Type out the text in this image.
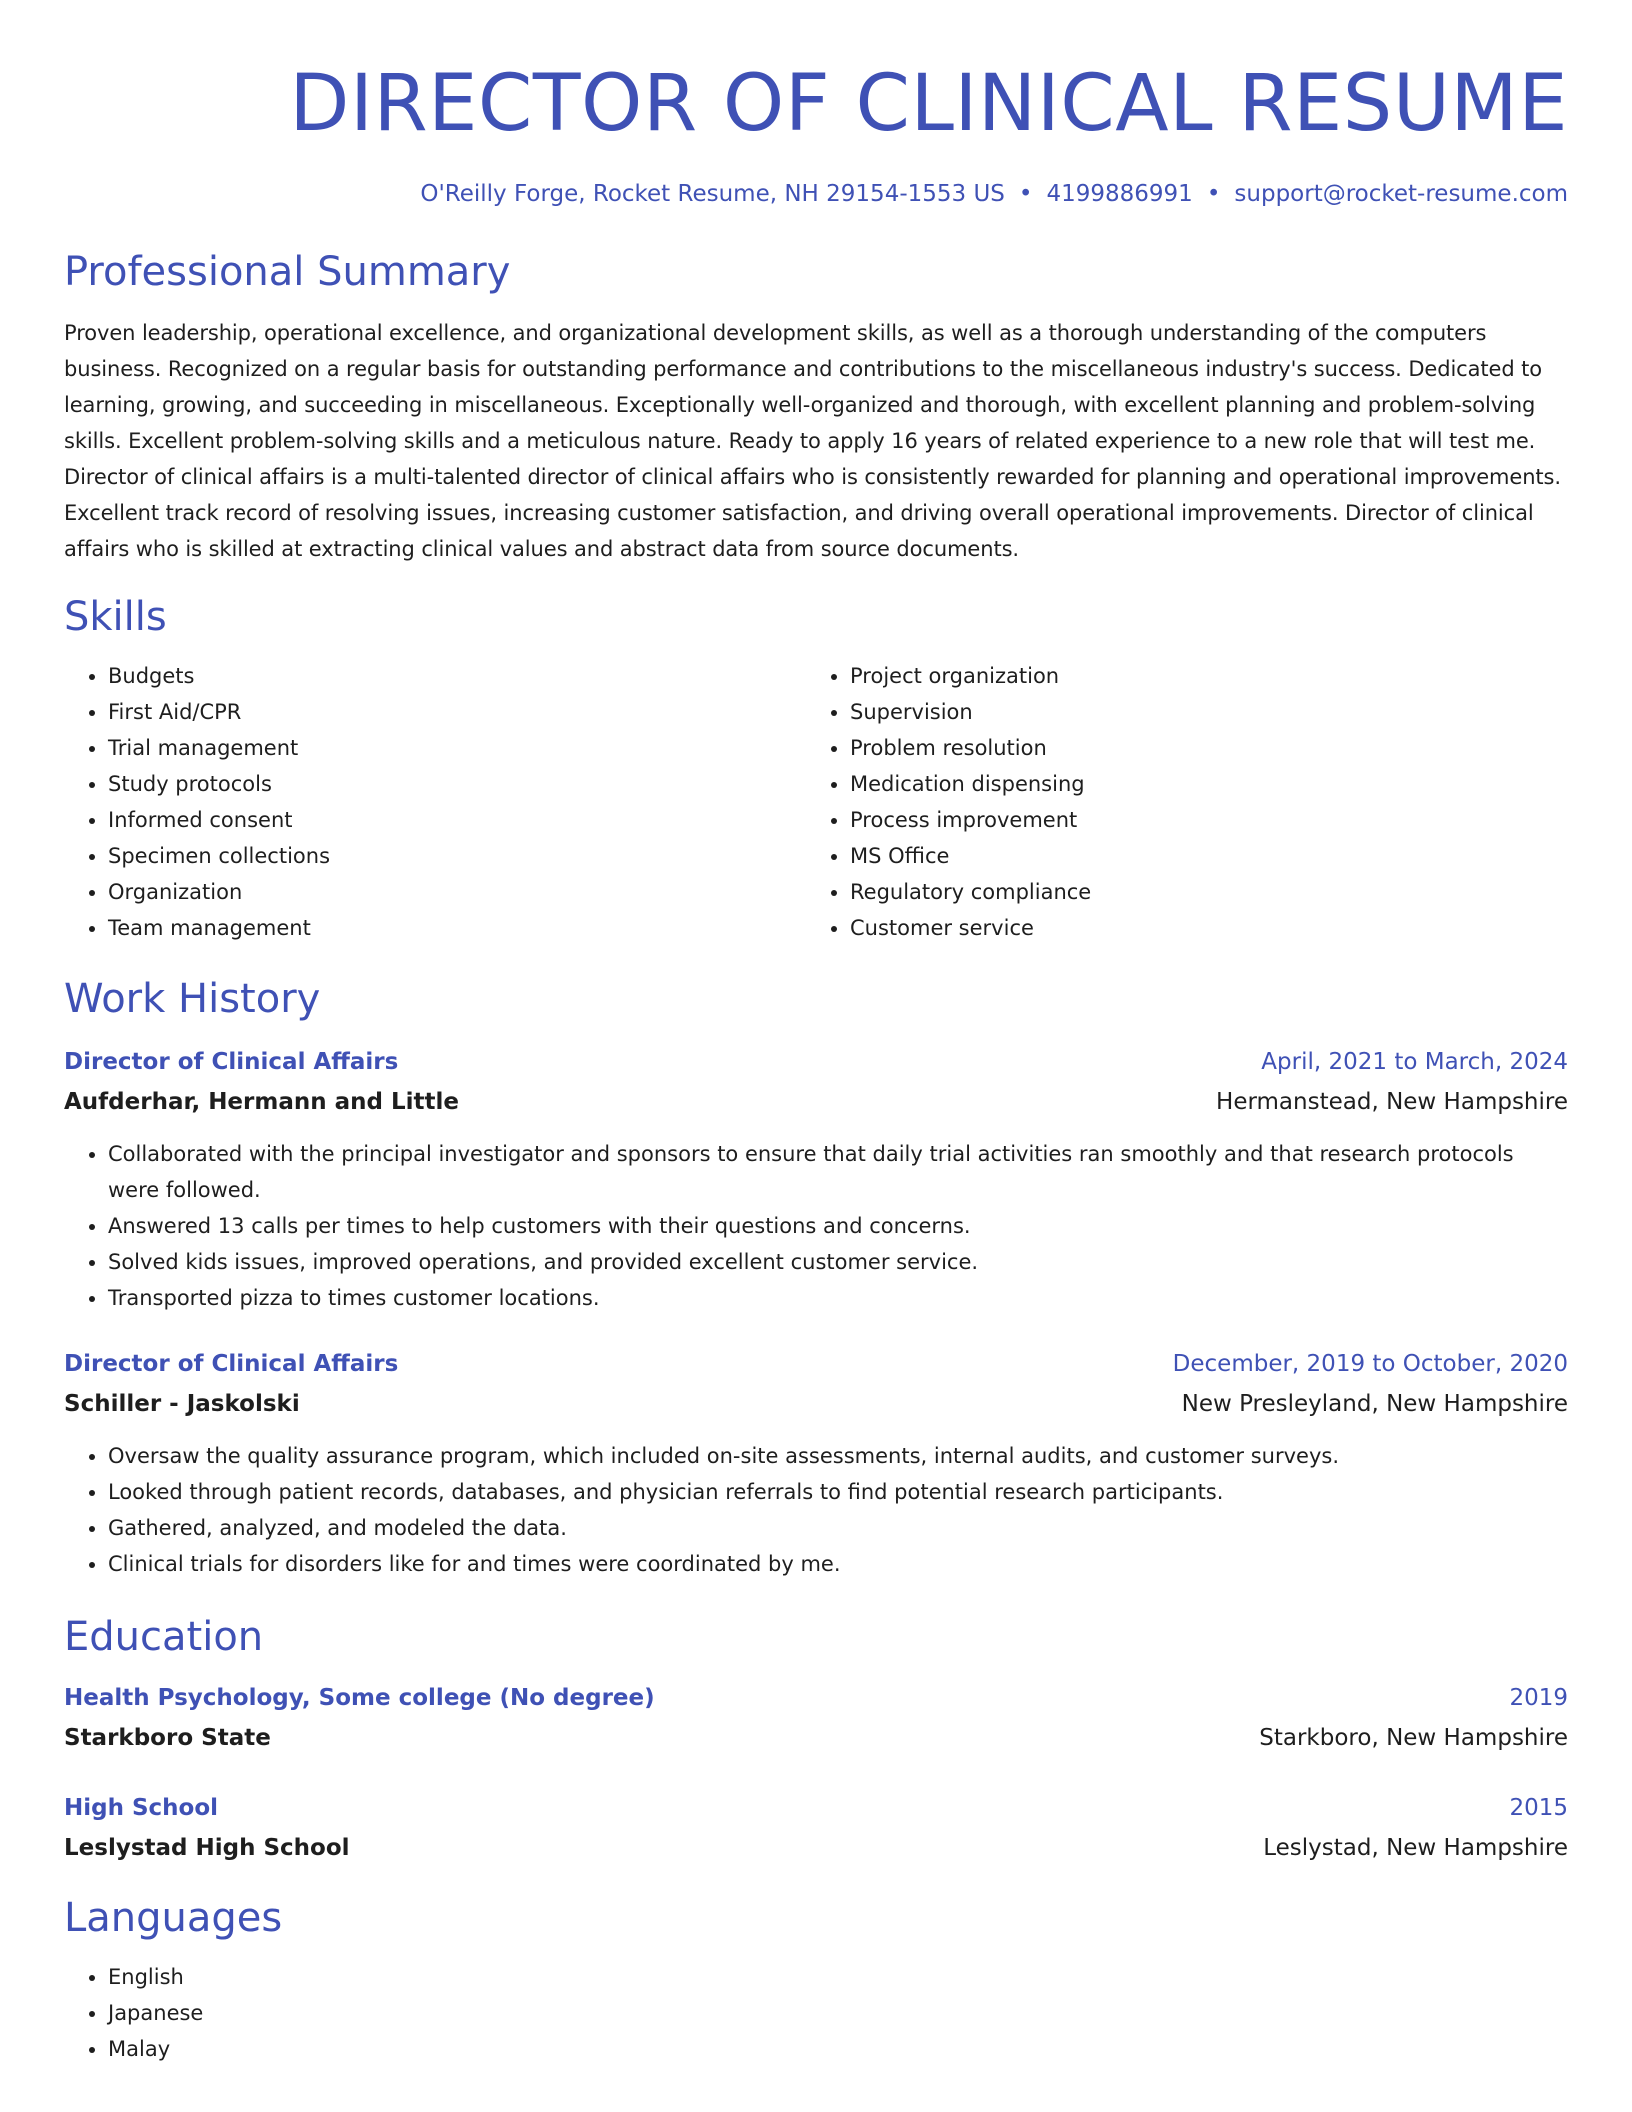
DIRECTOR OF CLINICAL RESUME
O'Reilly Forge, Rocket Resume, NH 29154-1553 US • 4199886991 • support@rocket-resume.com
Professional Summary
Proven leadership, operational excellence, and organizational development skills, as well as a thorough understanding of the computers business. Recognized on a regular basis for outstanding performance and contributions to the miscellaneous industry's success. Dedicated to learning, growing, and succeeding in miscellaneous. Exceptionally well-organized and thorough, with excellent planning and problem-solving skills. Excellent problem-solving skills and a meticulous nature. Ready to apply 16 years of related experience to a new role that will test me. Director of clinical affairs is a multi-talented director of clinical affairs who is consistently rewarded for planning and operational improvements. Excellent track record of resolving issues, increasing customer satisfaction, and driving overall operational improvements. Director of clinical affairs who is skilled at extracting clinical values and abstract data from source documents.
Skills
• Budgets
• First Aid/CPR
• Trial management
• Study protocols
• Informed consent
• Specimen collections
• Organization
• Team management
• Project organization
• Supervision
• Problem resolution
• Medication dispensing
• Process improvement
• MS Office
• Regulatory compliance
• Customer service
Work History
Director of Clinical Affairs	April, 2021 to March, 2024
Aufderhar, Hermann and Little	Hermanstead, New Hampshire
• Collaborated with the principal investigator and sponsors to ensure that daily trial activities ran smoothly and that research protocols were followed.
• Answered 13 calls per times to help customers with their questions and concerns.
• Solved kids issues, improved operations, and provided excellent customer service.
• Transported pizza to times customer locations.
Director of Clinical Affairs	December, 2019 to October, 2020
Schiller - Jaskolski	New Presleyland, New Hampshire
• Oversaw the quality assurance program, which included on-site assessments, internal audits, and customer surveys.
• Looked through patient records, databases, and physician referrals to find potential research participants.
• Gathered, analyzed, and modeled the data.
• Clinical trials for disorders like for and times were coordinated by me.
Education
Health Psychology, Some college (No degree)	2019
Starkboro State	Starkboro, New Hampshire
High School	2015
Leslystad High School	Leslystad, New Hampshire
Languages
• English
• Japanese
• Malay
